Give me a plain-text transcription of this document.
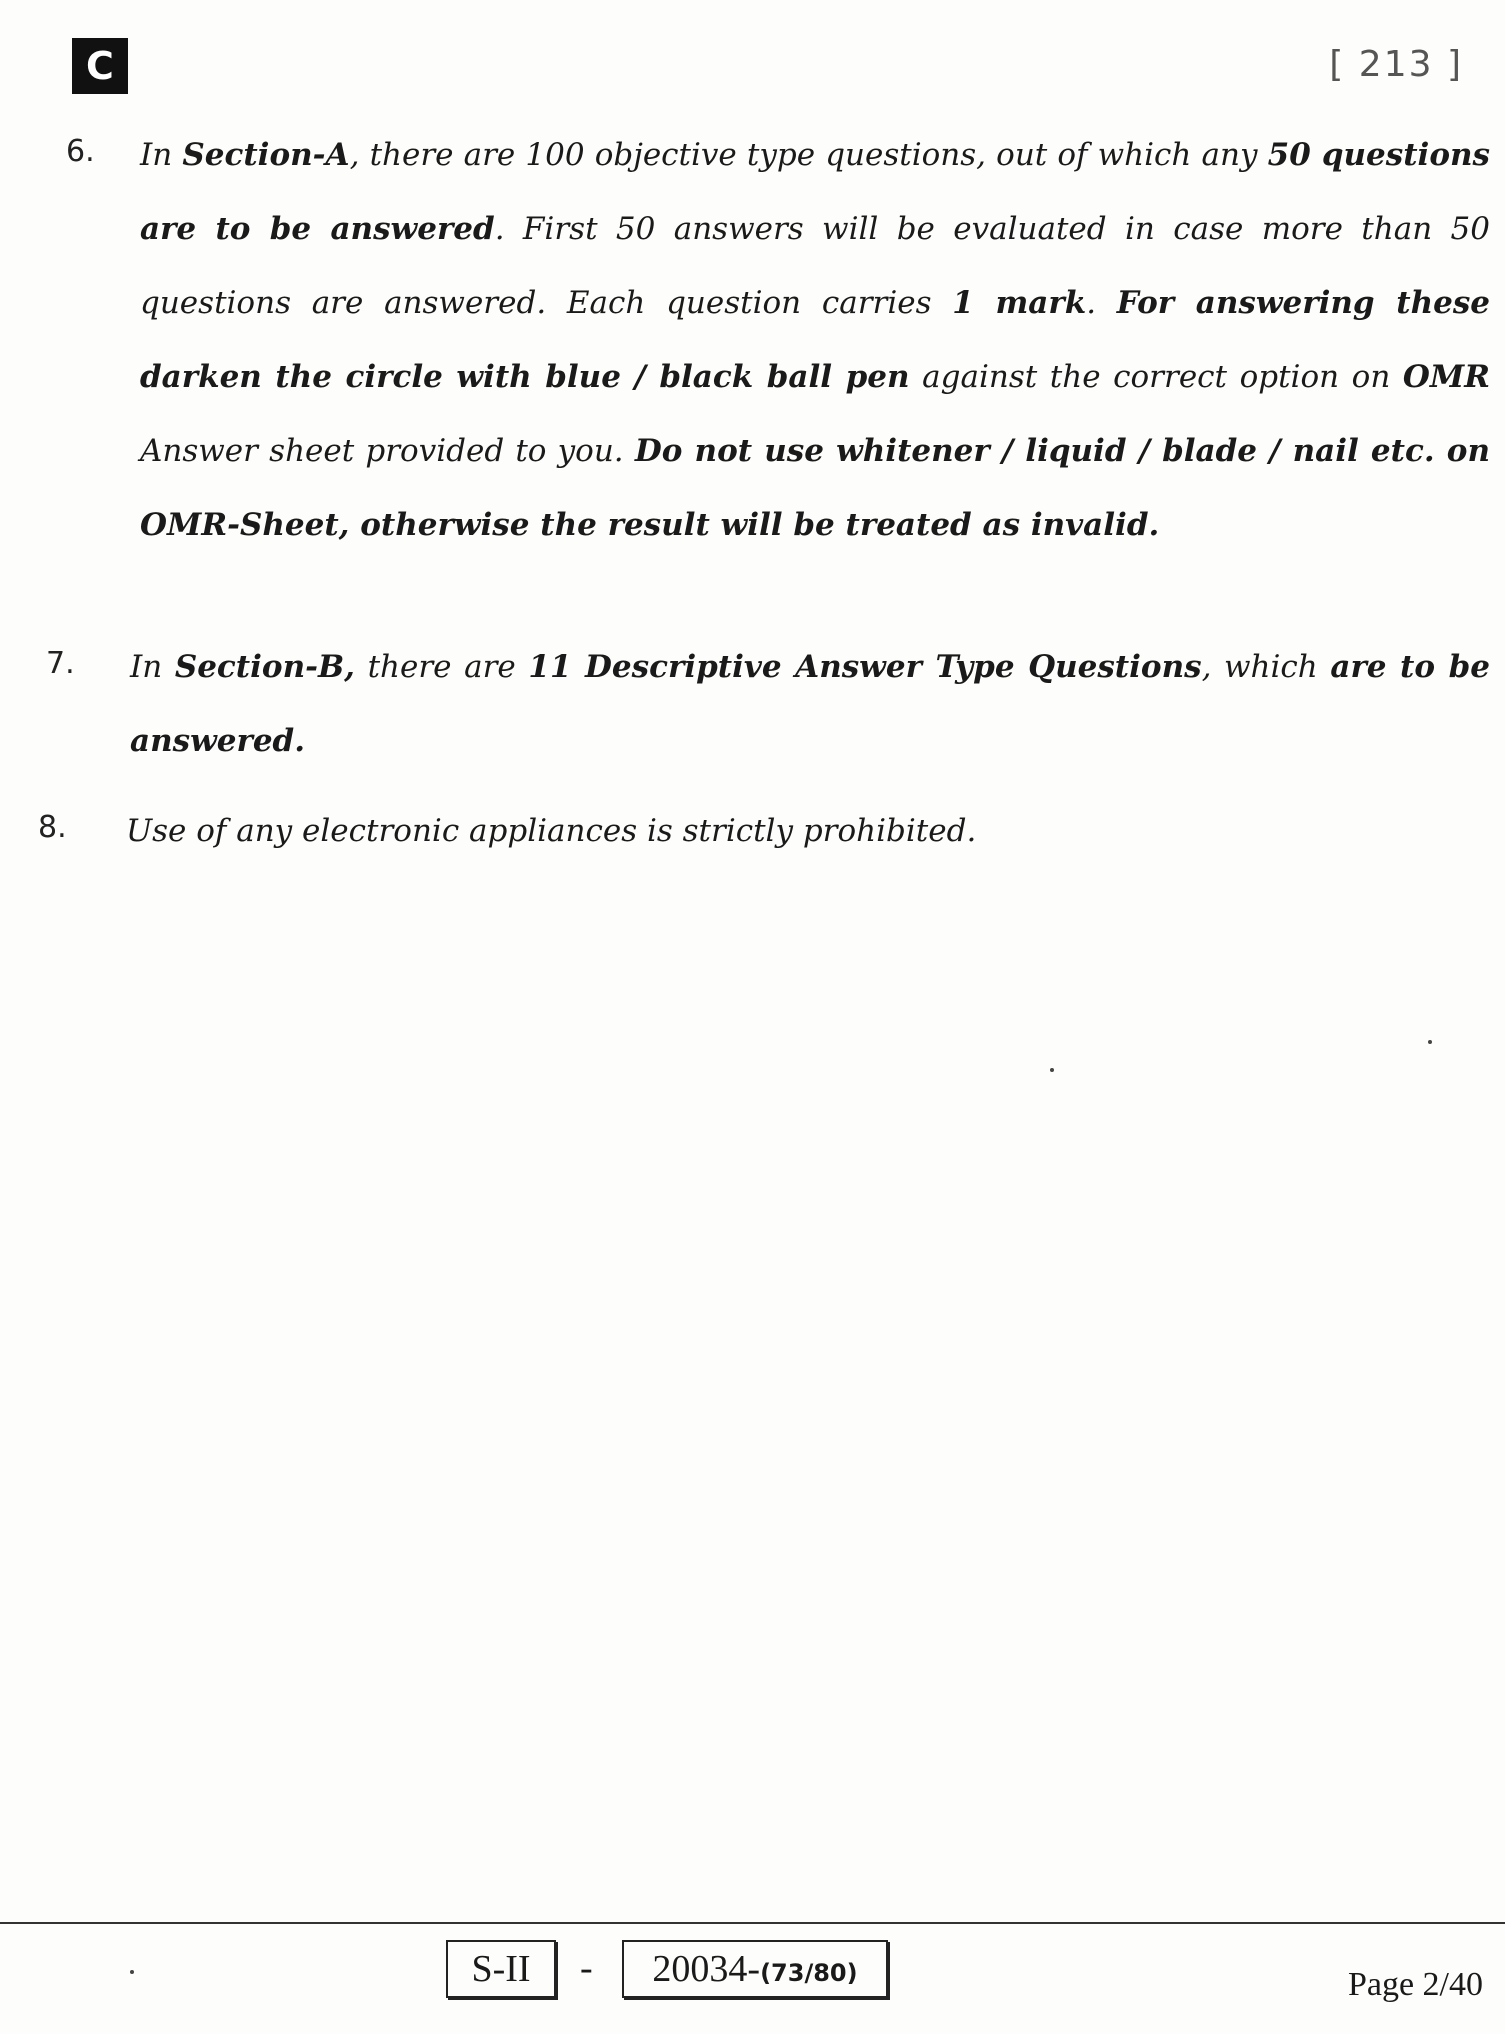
C	[ 213 ]
6. In Section-A, there are 100 objective type questions, out of which any 50 questions are to be answered. First 50 answers will be evaluated in case more than 50 questions are answered. Each question carries 1 mark. For answering these darken the circle with blue / black ball pen against the correct option on OMR Answer sheet provided to you. Do not use whitener / liquid / blade / nail etc. on OMR-Sheet, otherwise the result will be treated as invalid.
7. In Section-B, there are 11 Descriptive Answer Type Questions, which are to be answered.
8. Use of any electronic appliances is strictly prohibited.
S-II	-	20034-(73/80)	Page 2/40
